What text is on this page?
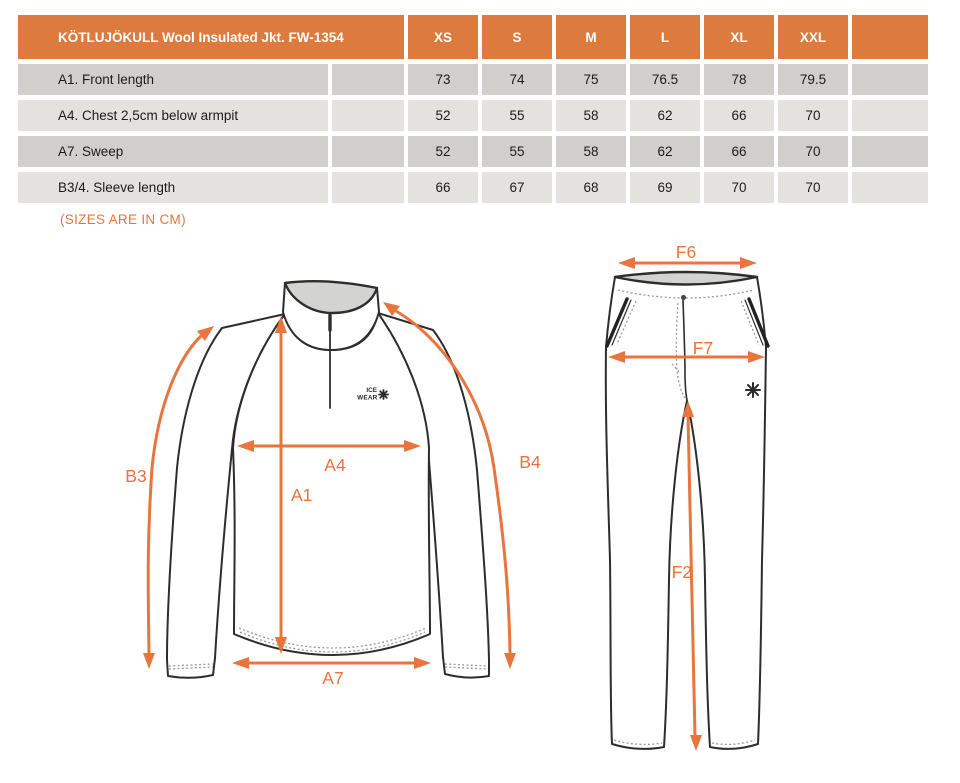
KÖTLUJÖKULL Wool Insulated Jkt. FW-1354		XS	S	M	L	XL	XXL	
A1. Front length		73	74	75	76.5	78	79.5	
A4. Chest 2,5cm below armpit		52	55	58	62	66	70	
A7. Sweep		52	55	58	62	66	70	
B3/4. Sleeve length		66	67	68	69	70	70	
(SIZES ARE IN CM)
ICE
WEAR
A1
A4
A7
B3
B4
F6
F7
F2
